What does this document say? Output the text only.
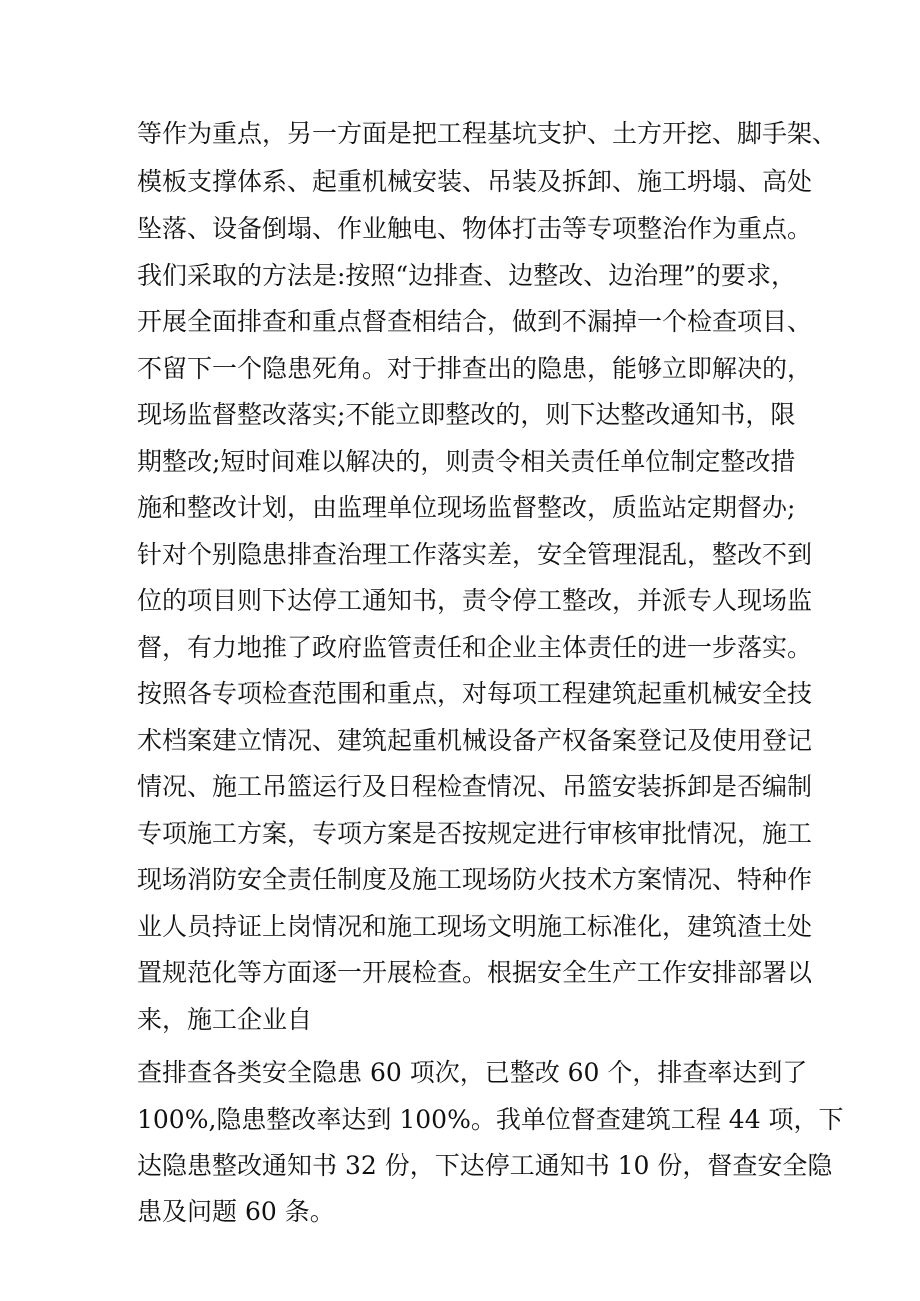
等作为重点，另一方面是把工程基坑支护、土方开挖、脚手架、

模板支撑体系、起重机械安装、吊装及拆卸、施工坍塌、高处

坠落、设备倒塌、作业触电、物体打击等专项整治作为重点。

我们采取的方法是:按照“边排查、边整改、边治理”的要求，

开展全面排查和重点督查相结合，做到不漏掉一个检查项目、

不留下一个隐患死角。对于排查出的隐患，能够立即解决的，

现场监督整改落实;不能立即整改的，则下达整改通知书，限

期整改;短时间难以解决的，则责令相关责任单位制定整改措

施和整改计划，由监理单位现场监督整改，质监站定期督办;

针对个别隐患排查治理工作落实差，安全管理混乱，整改不到

位的项目则下达停工通知书，责令停工整改，并派专人现场监

督，有力地推了政府监管责任和企业主体责任的进一步落实。

按照各专项检查范围和重点，对每项工程建筑起重机械安全技

术档案建立情况、建筑起重机械设备产权备案登记及使用登记

情况、施工吊篮运行及日程检查情况、吊篮安装拆卸是否编制

专项施工方案，专项方案是否按规定进行审核审批情况，施工

现场消防安全责任制度及施工现场防火技术方案情况、特种作

业人员持证上岗情况和施工现场文明施工标准化，建筑渣土处

置规范化等方面逐一开展检查。根据安全生产工作安排部署以

来，施工企业自

查排查各类安全隐患 60 项次，已整改 60 个，排查率达到了

100%,隐患整改率达到 100%。我单位督查建筑工程 44 项，下

达隐患整改通知书 32 份，下达停工通知书 10 份，督查安全隐

患及问题 60 条。
